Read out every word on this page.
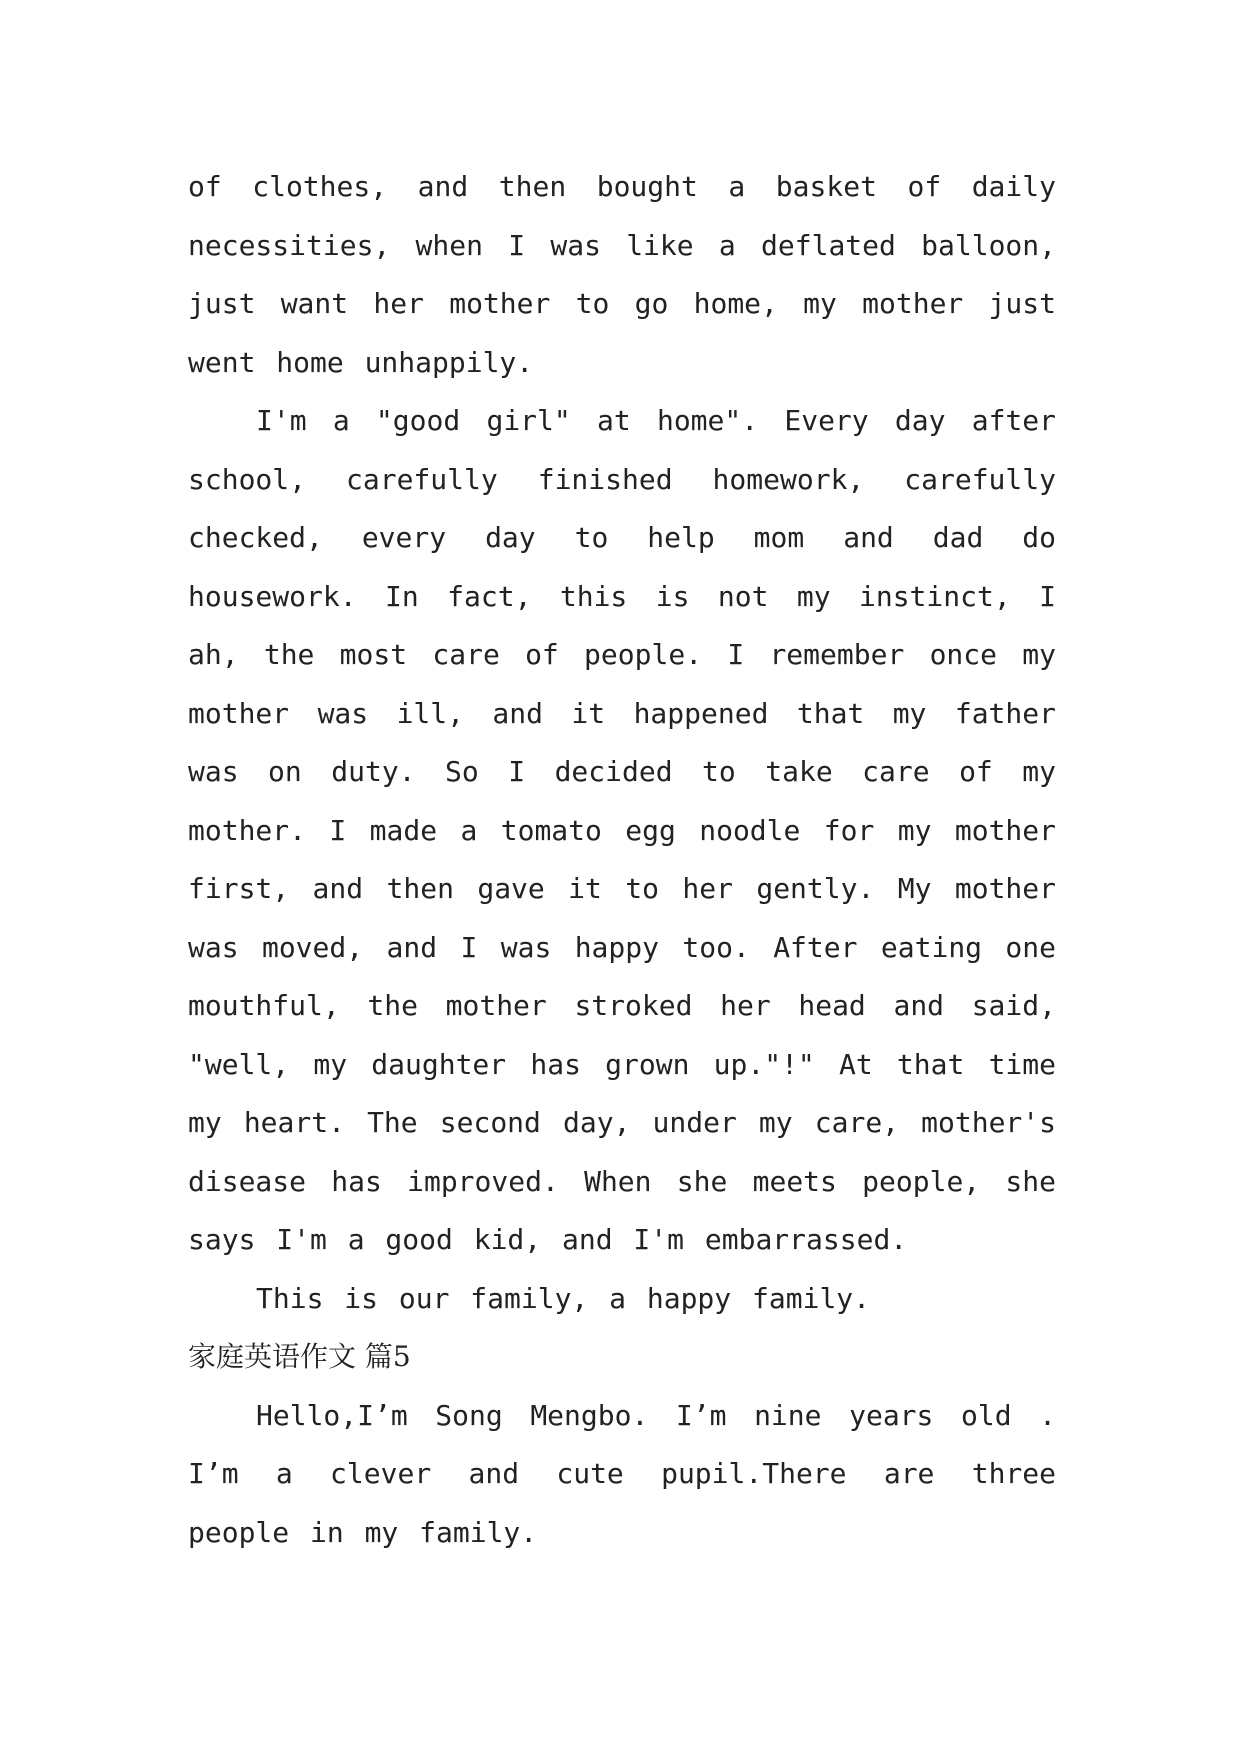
of clothes, and then bought a basket of daily necessities, when I was like a deflated balloon, just want her mother to go home, my mother just went home unhappily.

I'm a "good girl" at home". Every day after school, carefully finished homework, carefully checked, every day to help mom and dad do housework. In fact, this is not my instinct, I ah, the most care of people. I remember once my mother was ill, and it happened that my father was on duty. So I decided to take care of my mother. I made a tomato egg noodle for my mother first, and then gave it to her gently. My mother was moved, and I was happy too. After eating one mouthful, the mother stroked her head and said, "well, my daughter has grown up."!" At that time my heart. The second day, under my care, mother's disease has improved. When she meets people, she says I'm a good kid, and I'm embarrassed.

This is our family, a happy family.

家庭英语作文 篇5

Hello,I’m Song Mengbo. I’m nine years old . I’m a clever and cute pupil.There are three people in my family.
